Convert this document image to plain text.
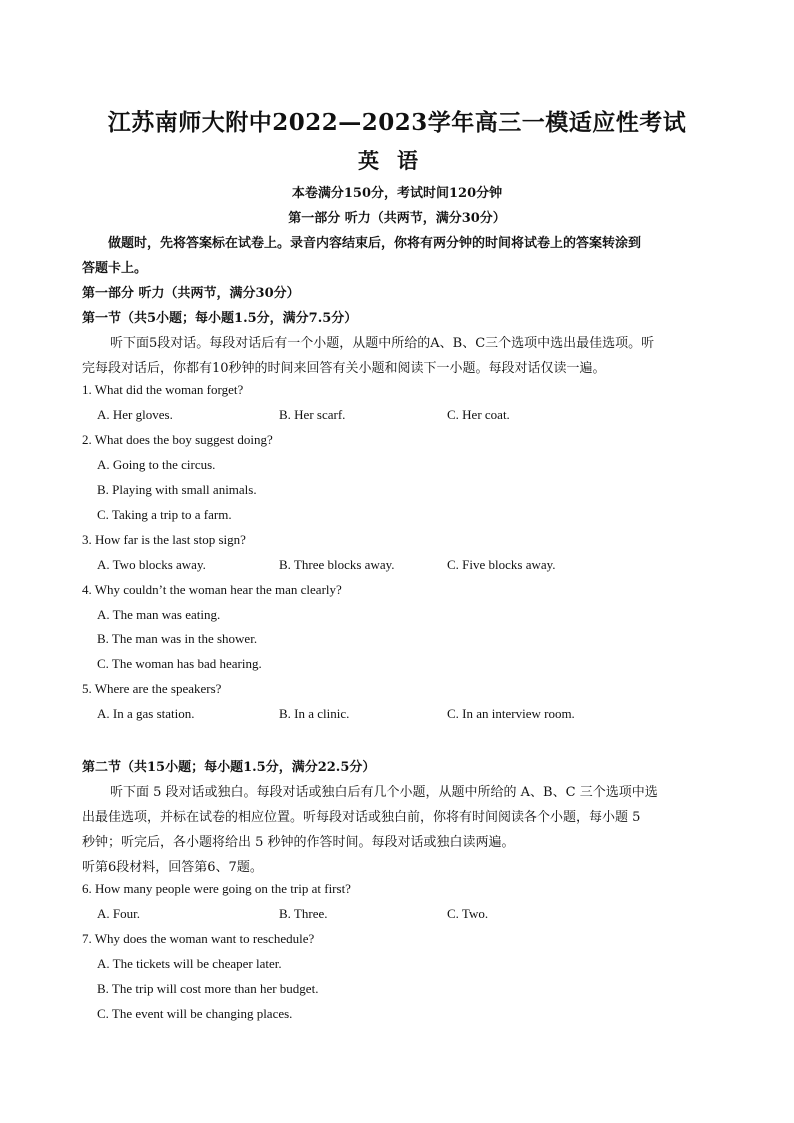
江苏南师大附中2022—2023学年高三一模适应性考试
英语
本卷满分150分，考试时间120分钟
第一部分 听力（共两节，满分30分）
做题时，先将答案标在试卷上。录音内容结束后，你将有两分钟的时间将试卷上的答案转涂到
答题卡上。
第一部分 听力（共两节，满分30分）
第一节（共5小题；每小题1.5分，满分7.5分）
听下面5段对话。每段对话后有一个小题，从题中所给的A、B、C三个选项中选出最佳选项。听
完每段对话后，你都有10秒钟的时间来回答有关小题和阅读下一小题。每段对话仅读一遍。
1. What did the woman forget?
A. Her gloves.	B. Her scarf.	C. Her coat.
2. What does the boy suggest doing?
A. Going to the circus.
B. Playing with small animals.
C. Taking a trip to a farm.
3. How far is the last stop sign?
A. Two blocks away.	B. Three blocks away.	C. Five blocks away.
4. Why couldn’t the woman hear the man clearly?
A. The man was eating.
B. The man was in the shower.
C. The woman has bad hearing.
5. Where are the speakers?
A. In a gas station.	B. In a clinic.	C. In an interview room.
第二节（共15小题；每小题1.5分，满分22.5分）
听下面 5 段对话或独白。每段对话或独白后有几个小题，从题中所给的 A、B、C 三个选项中选
出最佳选项，并标在试卷的相应位置。听每段对话或独白前，你将有时间阅读各个小题，每小题 5
秒钟；听完后，各小题将给出 5 秒钟的作答时间。每段对话或独白读两遍。
听第6段材料，回答第6、7题。
6. How many people were going on the trip at first?
A. Four.	B. Three.	C. Two.
7. Why does the woman want to reschedule?
A. The tickets will be cheaper later.
B. The trip will cost more than her budget.
C. The event will be changing places.
